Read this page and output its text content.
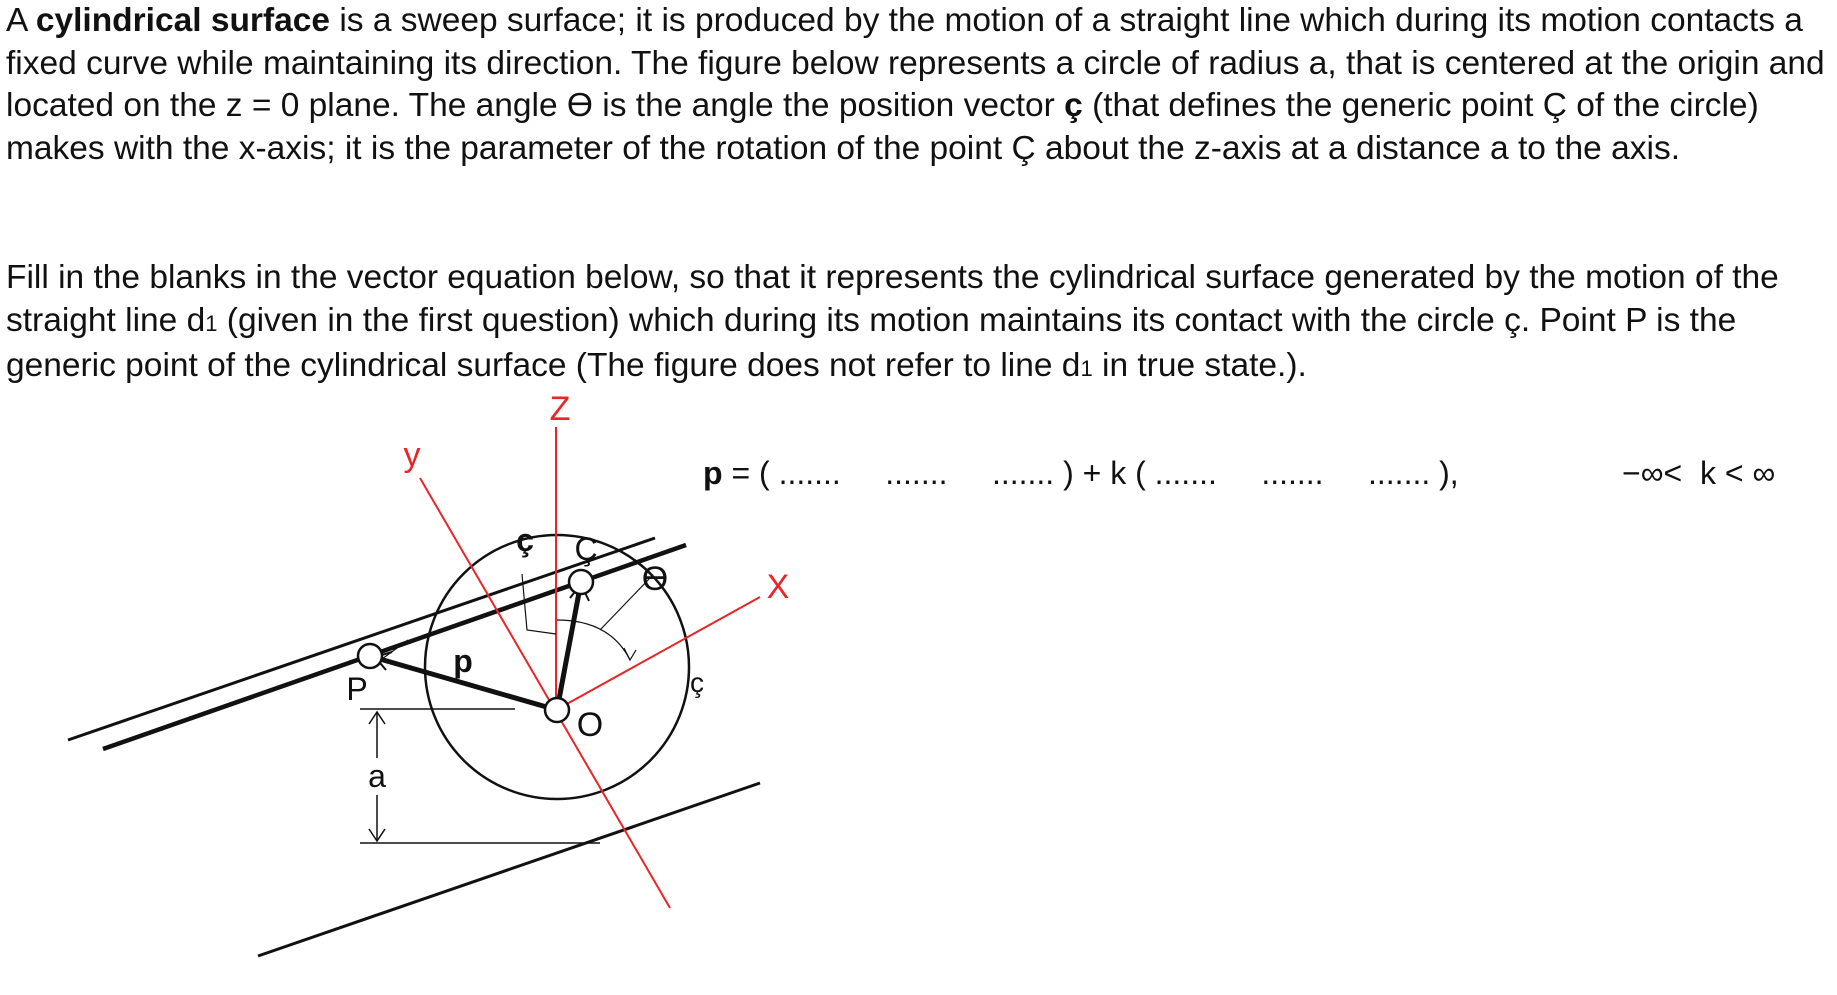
A cylindrical surface is a sweep surface; it is produced by the motion of a straight line which during its motion contacts a fixed curve while maintaining its direction. The figure below represents a circle of radius a, that is centered at the origin and located on the z = 0 plane. The angle ϴ is the angle the position vector ç (that defines the generic point Ç of the circle) makes with the x-axis; it is the parameter of the rotation of the point Ç about the z-axis at a distance a to the axis.

Fill in the blanks in the vector equation below, so that it represents the cylindrical surface generated by the motion of the straight line d1 (given in the first question) which during its motion maintains its contact with the circle ç. Point P is the generic point of the cylindrical surface (The figure does not refer to line d1 in true state.).

Z
y
X
ç Ç
ϴ
ç
p
P
O
a
p = ( .......     .......     ....... ) + k ( .......     .......     ....... ),	−∞<  k < ∞
